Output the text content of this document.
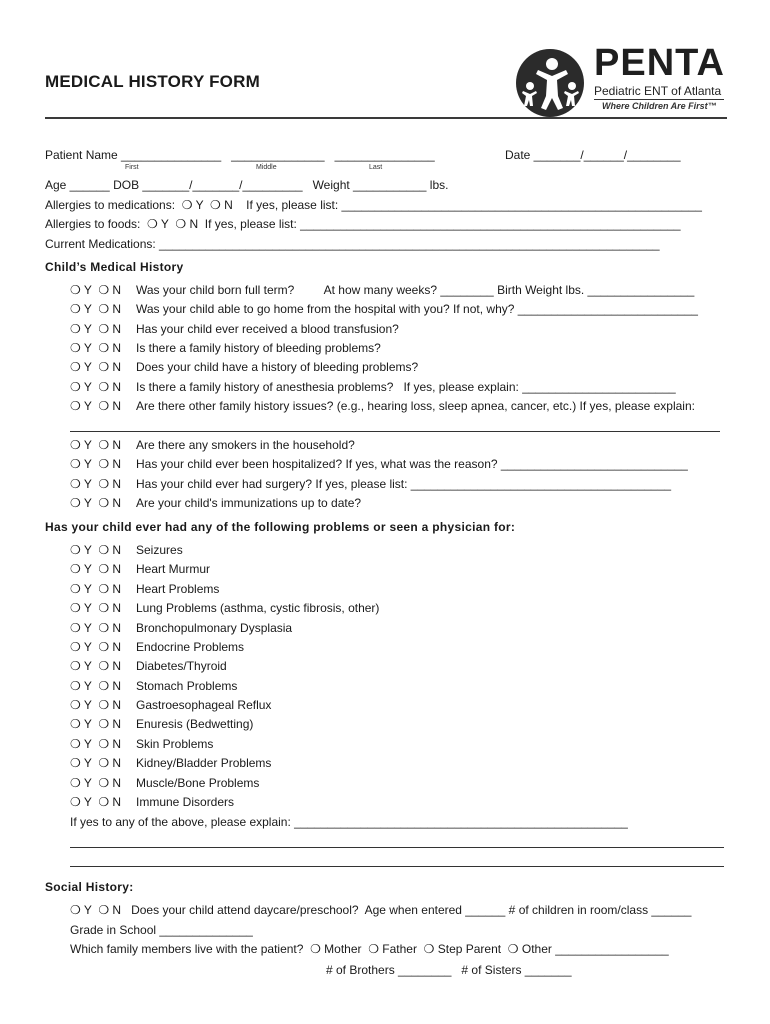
MEDICAL HISTORY FORM	PENTA
Pediatric ENT of Atlanta
Where Children Are First™
Patient Name _______________   ______________   _______________	Date _______/______/________
First	Middle	Last
Age ______ DOB _______/_______/_________   Weight ___________ lbs.
Allergies to medications:  ❍ Y  ❍ N    If yes, please list: ______________________________________________________
Allergies to foods:  ❍ Y  ❍ N  If yes, please list: _________________________________________________________
Current Medications: ___________________________________________________________________________
Child’s Medical History
❍ Y  ❍ N Was your child born full term?         At how many weeks? ________ Birth Weight lbs. ________________
❍ Y  ❍ N Was your child able to go home from the hospital with you? If not, why? ___________________________
❍ Y  ❍ N Has your child ever received a blood transfusion?
❍ Y  ❍ N Is there a family history of bleeding problems?
❍ Y  ❍ N Does your child have a history of bleeding problems?
❍ Y  ❍ N Is there a family history of anesthesia problems?   If yes, please explain: _______________________
❍ Y  ❍ N Are there other family history issues? (e.g., hearing loss, sleep apnea, cancer, etc.) If yes, please explain:
❍ Y  ❍ N Are there any smokers in the household?
❍ Y  ❍ N Has your child ever been hospitalized? If yes, what was the reason? ____________________________
❍ Y  ❍ N Has your child ever had surgery? If yes, please list: _______________________________________
❍ Y  ❍ N Are your child's immunizations up to date?
Has your child ever had any of the following problems or seen a physician for:
❍ Y  ❍ N Seizures
❍ Y  ❍ N Heart Murmur
❍ Y  ❍ N Heart Problems
❍ Y  ❍ N Lung Problems (asthma, cystic fibrosis, other)
❍ Y  ❍ N Bronchopulmonary Dysplasia
❍ Y  ❍ N Endocrine Problems
❍ Y  ❍ N Diabetes/Thyroid
❍ Y  ❍ N Stomach Problems
❍ Y  ❍ N Gastroesophageal Reflux
❍ Y  ❍ N Enuresis (Bedwetting)
❍ Y  ❍ N Skin Problems
❍ Y  ❍ N Kidney/Bladder Problems
❍ Y  ❍ N Muscle/Bone Problems
❍ Y  ❍ N Immune Disorders
If yes to any of the above, please explain: __________________________________________________
Social History:
❍ Y  ❍ N   Does your child attend daycare/preschool?  Age when entered ______ # of children in room/class ______
Grade in School ______________
Which family members live with the patient?  ❍ Mother  ❍ Father  ❍ Step Parent  ❍ Other _________________
# of Brothers ________   # of Sisters _______
